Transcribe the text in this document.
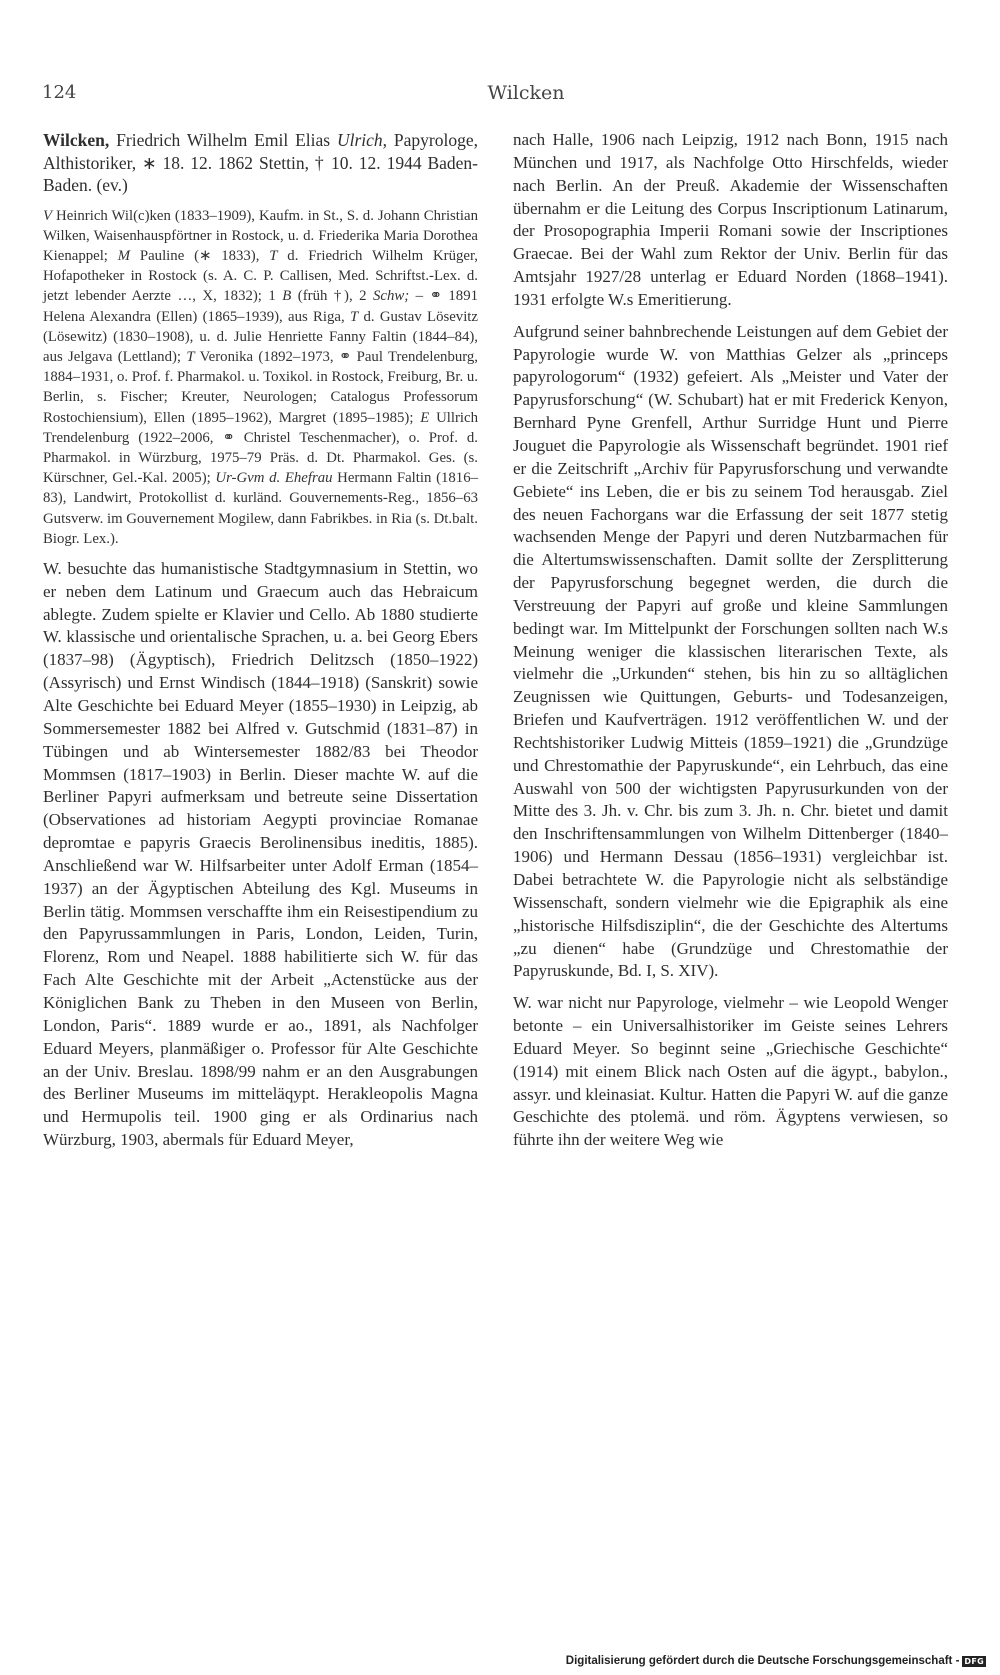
124	Wilcken

Wilcken, Friedrich Wilhelm Emil Elias Ulrich, Papyrologe, Althistoriker, ∗ 18. 12. 1862 Stettin, † 10. 12. 1944 Baden-Baden. (ev.)

V Heinrich Wil(c)ken (1833–1909), Kaufm. in St., S. d. Johann Christian Wilken, Waisenhauspförtner in Rostock, u. d. Friederika Maria Dorothea Kienappel; M Pauline (∗ 1833), T d. Friedrich Wilhelm Krüger, Hofapotheker in Rostock (s. A. C. P. Callisen, Med. Schriftst.-Lex. d. jetzt lebender Aerzte …, X, 1832); 1 B (früh †), 2 Schw; – ⚭ 1891 Helena Alexandra (Ellen) (1865–1939), aus Riga, T d. Gustav Lösevitz (Lösewitz) (1830–1908), u. d. Julie Henriette Fanny Faltin (1844–84), aus Jelgava (Lettland); T Veronika (1892–1973, ⚭ Paul Trendelenburg, 1884–1931, o. Prof. f. Pharmakol. u. Toxikol. in Rostock, Freiburg, Br. u. Berlin, s. Fischer; Kreuter, Neurologen; Catalogus Professorum Rostochiensium), Ellen (1895–1962), Margret (1895–1985); E Ullrich Trendelenburg (1922–2006, ⚭ Christel Teschenmacher), o. Prof. d. Pharmakol. in Würzburg, 1975–79 Präs. d. Dt. Pharmakol. Ges. (s. Kürschner, Gel.-Kal. 2005); Ur-Gvm d. Ehefrau Hermann Faltin (1816–83), Landwirt, Protokollist d. kurländ. Gouvernements-Reg., 1856–63 Gutsverw. im Gouvernement Mogilew, dann Fabrikbes. in Ria (s. Dt.balt. Biogr. Lex.).

W. besuchte das humanistische Stadtgymnasium in Stettin, wo er neben dem Latinum und Graecum auch das Hebraicum ablegte. Zudem spielte er Klavier und Cello. Ab 1880 studierte W. klassische und orientalische Sprachen, u. a. bei Georg Ebers (1837–98) (Ägyptisch), Friedrich Delitzsch (1850–1922) (Assyrisch) und Ernst Windisch (1844–1918) (Sanskrit) sowie Alte Geschichte bei Eduard Meyer (1855–1930) in Leipzig, ab Sommersemester 1882 bei Alfred v. Gutschmid (1831–87) in Tübingen und ab Wintersemester 1882/83 bei Theodor Mommsen (1817–1903) in Berlin. Dieser machte W. auf die Berliner Papyri aufmerksam und betreute seine Dissertation (Observationes ad historiam Aegypti provinciae Romanae depromtae e papyris Graecis Berolinensibus ineditis, 1885). Anschließend war W. Hilfsarbeiter unter Adolf Erman (1854–1937) an der Ägyptischen Abteilung des Kgl. Museums in Berlin tätig. Mommsen verschaffte ihm ein Reisestipendium zu den Papyrussammlungen in Paris, London, Leiden, Turin, Florenz, Rom und Neapel. 1888 habilitierte sich W. für das Fach Alte Geschichte mit der Arbeit „Actenstücke aus der Königlichen Bank zu Theben in den Museen von Berlin, London, Paris“. 1889 wurde er ao., 1891, als Nachfolger Eduard Meyers, planmäßiger o. Professor für Alte Geschichte an der Univ. Breslau. 1898/99 nahm er an den Ausgrabungen des Berliner Museums im mitteläqypt. Herakleopolis Magna und Hermupolis teil. 1900 ging er als Ordinarius nach Würzburg, 1903, abermals für Eduard Meyer,

nach Halle, 1906 nach Leipzig, 1912 nach Bonn, 1915 nach München und 1917, als Nachfolge Otto Hirschfelds, wieder nach Berlin. An der Preuß. Akademie der Wissenschaften übernahm er die Leitung des Corpus Inscriptionum Latinarum, der Prosopographia Imperii Romani sowie der Inscriptiones Graecae. Bei der Wahl zum Rektor der Univ. Berlin für das Amtsjahr 1927/28 unterlag er Eduard Norden (1868–1941). 1931 erfolgte W.s Emeritierung.

Aufgrund seiner bahnbrechende Leistungen auf dem Gebiet der Papyrologie wurde W. von Matthias Gelzer als „princeps papyrologorum“ (1932) gefeiert. Als „Meister und Vater der Papyrusforschung“ (W. Schubart) hat er mit Frederick Kenyon, Bernhard Pyne Grenfell, Arthur Surridge Hunt und Pierre Jouguet die Papyrologie als Wissenschaft begründet. 1901 rief er die Zeitschrift „Archiv für Papyrusforschung und verwandte Gebiete“ ins Leben, die er bis zu seinem Tod herausgab. Ziel des neuen Fachorgans war die Erfassung der seit 1877 stetig wachsenden Menge der Papyri und deren Nutzbarmachen für die Altertumswissenschaften. Damit sollte der Zersplitterung der Papyrusforschung begegnet werden, die durch die Verstreuung der Papyri auf große und kleine Sammlungen bedingt war. Im Mittelpunkt der Forschungen sollten nach W.s Meinung weniger die klassischen literarischen Texte, als vielmehr die „Urkunden“ stehen, bis hin zu so alltäglichen Zeugnissen wie Quittungen, Geburts- und Todesanzeigen, Briefen und Kaufverträgen. 1912 veröffentlichen W. und der Rechtshistoriker Ludwig Mitteis (1859–1921) die „Grundzüge und Chrestomathie der Papyruskunde“, ein Lehrbuch, das eine Auswahl von 500 der wichtigsten Papyrusurkunden von der Mitte des 3. Jh. v. Chr. bis zum 3. Jh. n. Chr. bietet und damit den Inschriftensammlungen von Wilhelm Dittenberger (1840–1906) und Hermann Dessau (1856–1931) vergleichbar ist. Dabei betrachtete W. die Papyrologie nicht als selbständige Wissenschaft, sondern vielmehr wie die Epigraphik als eine „historische Hilfsdisziplin“, die der Geschichte des Altertums „zu dienen“ habe (Grundzüge und Chrestomathie der Papyruskunde, Bd. I, S. XIV).

W. war nicht nur Papyrologe, vielmehr – wie Leopold Wenger betonte – ein Universalhistoriker im Geiste seines Lehrers Eduard Meyer. So beginnt seine „Griechische Geschichte“ (1914) mit einem Blick nach Osten auf die ägypt., babylon., assyr. und kleinasiat. Kultur. Hatten die Papyri W. auf die ganze Geschichte des ptolemä. und röm. Ägyptens verwiesen, so führte ihn der weitere Weg wie

Digitalisierung gefördert durch die Deutsche Forschungsgemeinschaft - DFG
